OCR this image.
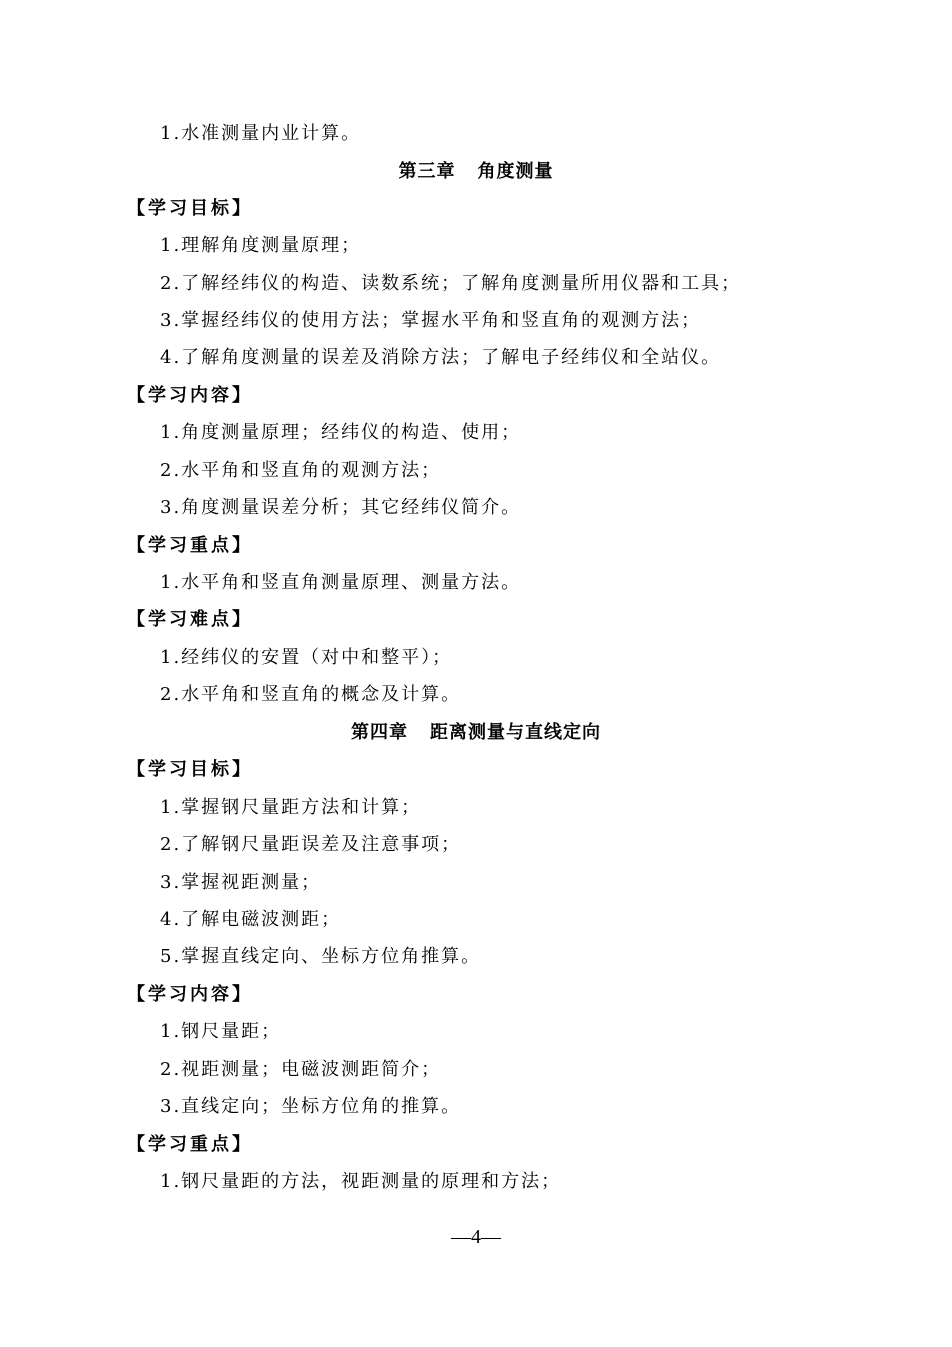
1.水准测量内业计算。
第三章 角度测量
【学习目标】
1.理解角度测量原理；
2.了解经纬仪的构造、读数系统；了解角度测量所用仪器和工具；
3.掌握经纬仪的使用方法；掌握水平角和竖直角的观测方法；
4.了解角度测量的误差及消除方法；了解电子经纬仪和全站仪。
【学习内容】
1.角度测量原理；经纬仪的构造、使用；
2.水平角和竖直角的观测方法；
3.角度测量误差分析；其它经纬仪简介。
【学习重点】
1.水平角和竖直角测量原理、测量方法。
【学习难点】
1.经纬仪的安置（对中和整平）；
2.水平角和竖直角的概念及计算。
第四章 距离测量与直线定向
【学习目标】
1.掌握钢尺量距方法和计算；
2.了解钢尺量距误差及注意事项；
3.掌握视距测量；
4.了解电磁波测距；
5.掌握直线定向、坐标方位角推算。
【学习内容】
1.钢尺量距；
2.视距测量；电磁波测距简介；
3.直线定向；坐标方位角的推算。
【学习重点】
1.钢尺量距的方法，视距测量的原理和方法；
—4—
